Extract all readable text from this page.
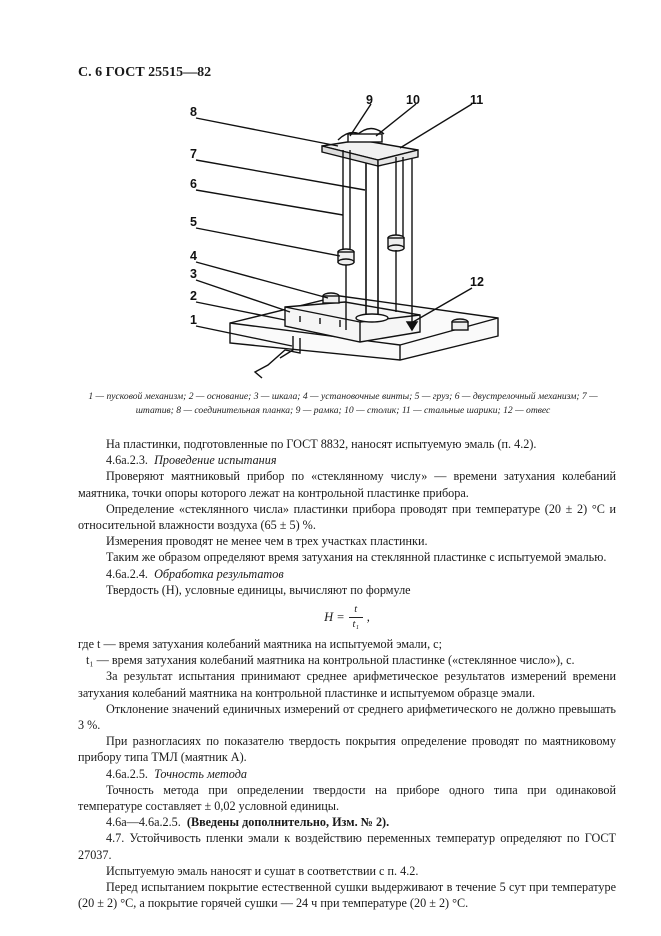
С. 6 ГОСТ 25515—82
8
9	10	11
7
6
5
4
3
2
1
12
1 — пусковой механизм; 2 — основание; 3 — шкала; 4 — установочные винты; 5 — груз; 6 — двустрелочный механизм; 7 — штатив; 8 — соединительная планка; 9 — рамка; 10 — столик; 11 — стальные шарики; 12 — отвес

На пластинки, подготовленные по ГОСТ 8832, наносят испытуемую эмаль (п. 4.2).

4.6а.2.3. Проведение испытания

Проверяют маятниковый прибор по «стеклянному числу» — времени затухания колебаний маятника, точки опоры которого лежат на контрольной пластинке прибора.

Определение «стеклянного числа» пластинки прибора проводят при температуре (20 ± 2) °С и относительной влажности воздуха (65 ± 5) %.

Измерения проводят не менее чем в трех участках пластинки.

Таким же образом определяют время затухания на стеклянной пластинке с испытуемой эмалью.

4.6а.2.4. Обработка результатов

Твердость (H), условные единицы, вычисляют по формуле

$H = \frac{t}{\text{t₁}}$ ,

где t — время затухания колебаний маятника на испытуемой эмали, с;

t₁ — время затухания колебаний маятника на контрольной пластинке («стеклянное число»), с.

За результат испытания принимают среднее арифметическое результатов измерений времени затухания колебаний маятника на контрольной пластинке и испытуемом образце эмали.

Отклонение значений единичных измерений от среднего арифметического не должно превышать 3 %.

При разногласиях по показателю твердость покрытия определение проводят по маятниковому прибору типа ТМЛ (маятник А).

4.6а.2.5. Точность метода

Точность метода при определении твердости на приборе одного типа при одинаковой температуре составляет ± 0,02 условной единицы.

4.6а—4.6а.2.5. (Введены дополнительно, Изм. № 2).

4.7. Устойчивость пленки эмали к воздействию переменных температур определяют по ГОСТ 27037.

Испытуемую эмаль наносят и сушат в соответствии с п. 4.2.

Перед испытанием покрытие естественной сушки выдерживают в течение 5 сут при температуре (20 ± 2) °С, а покрытие горячей сушки — 24 ч при температуре (20 ± 2) °С.
